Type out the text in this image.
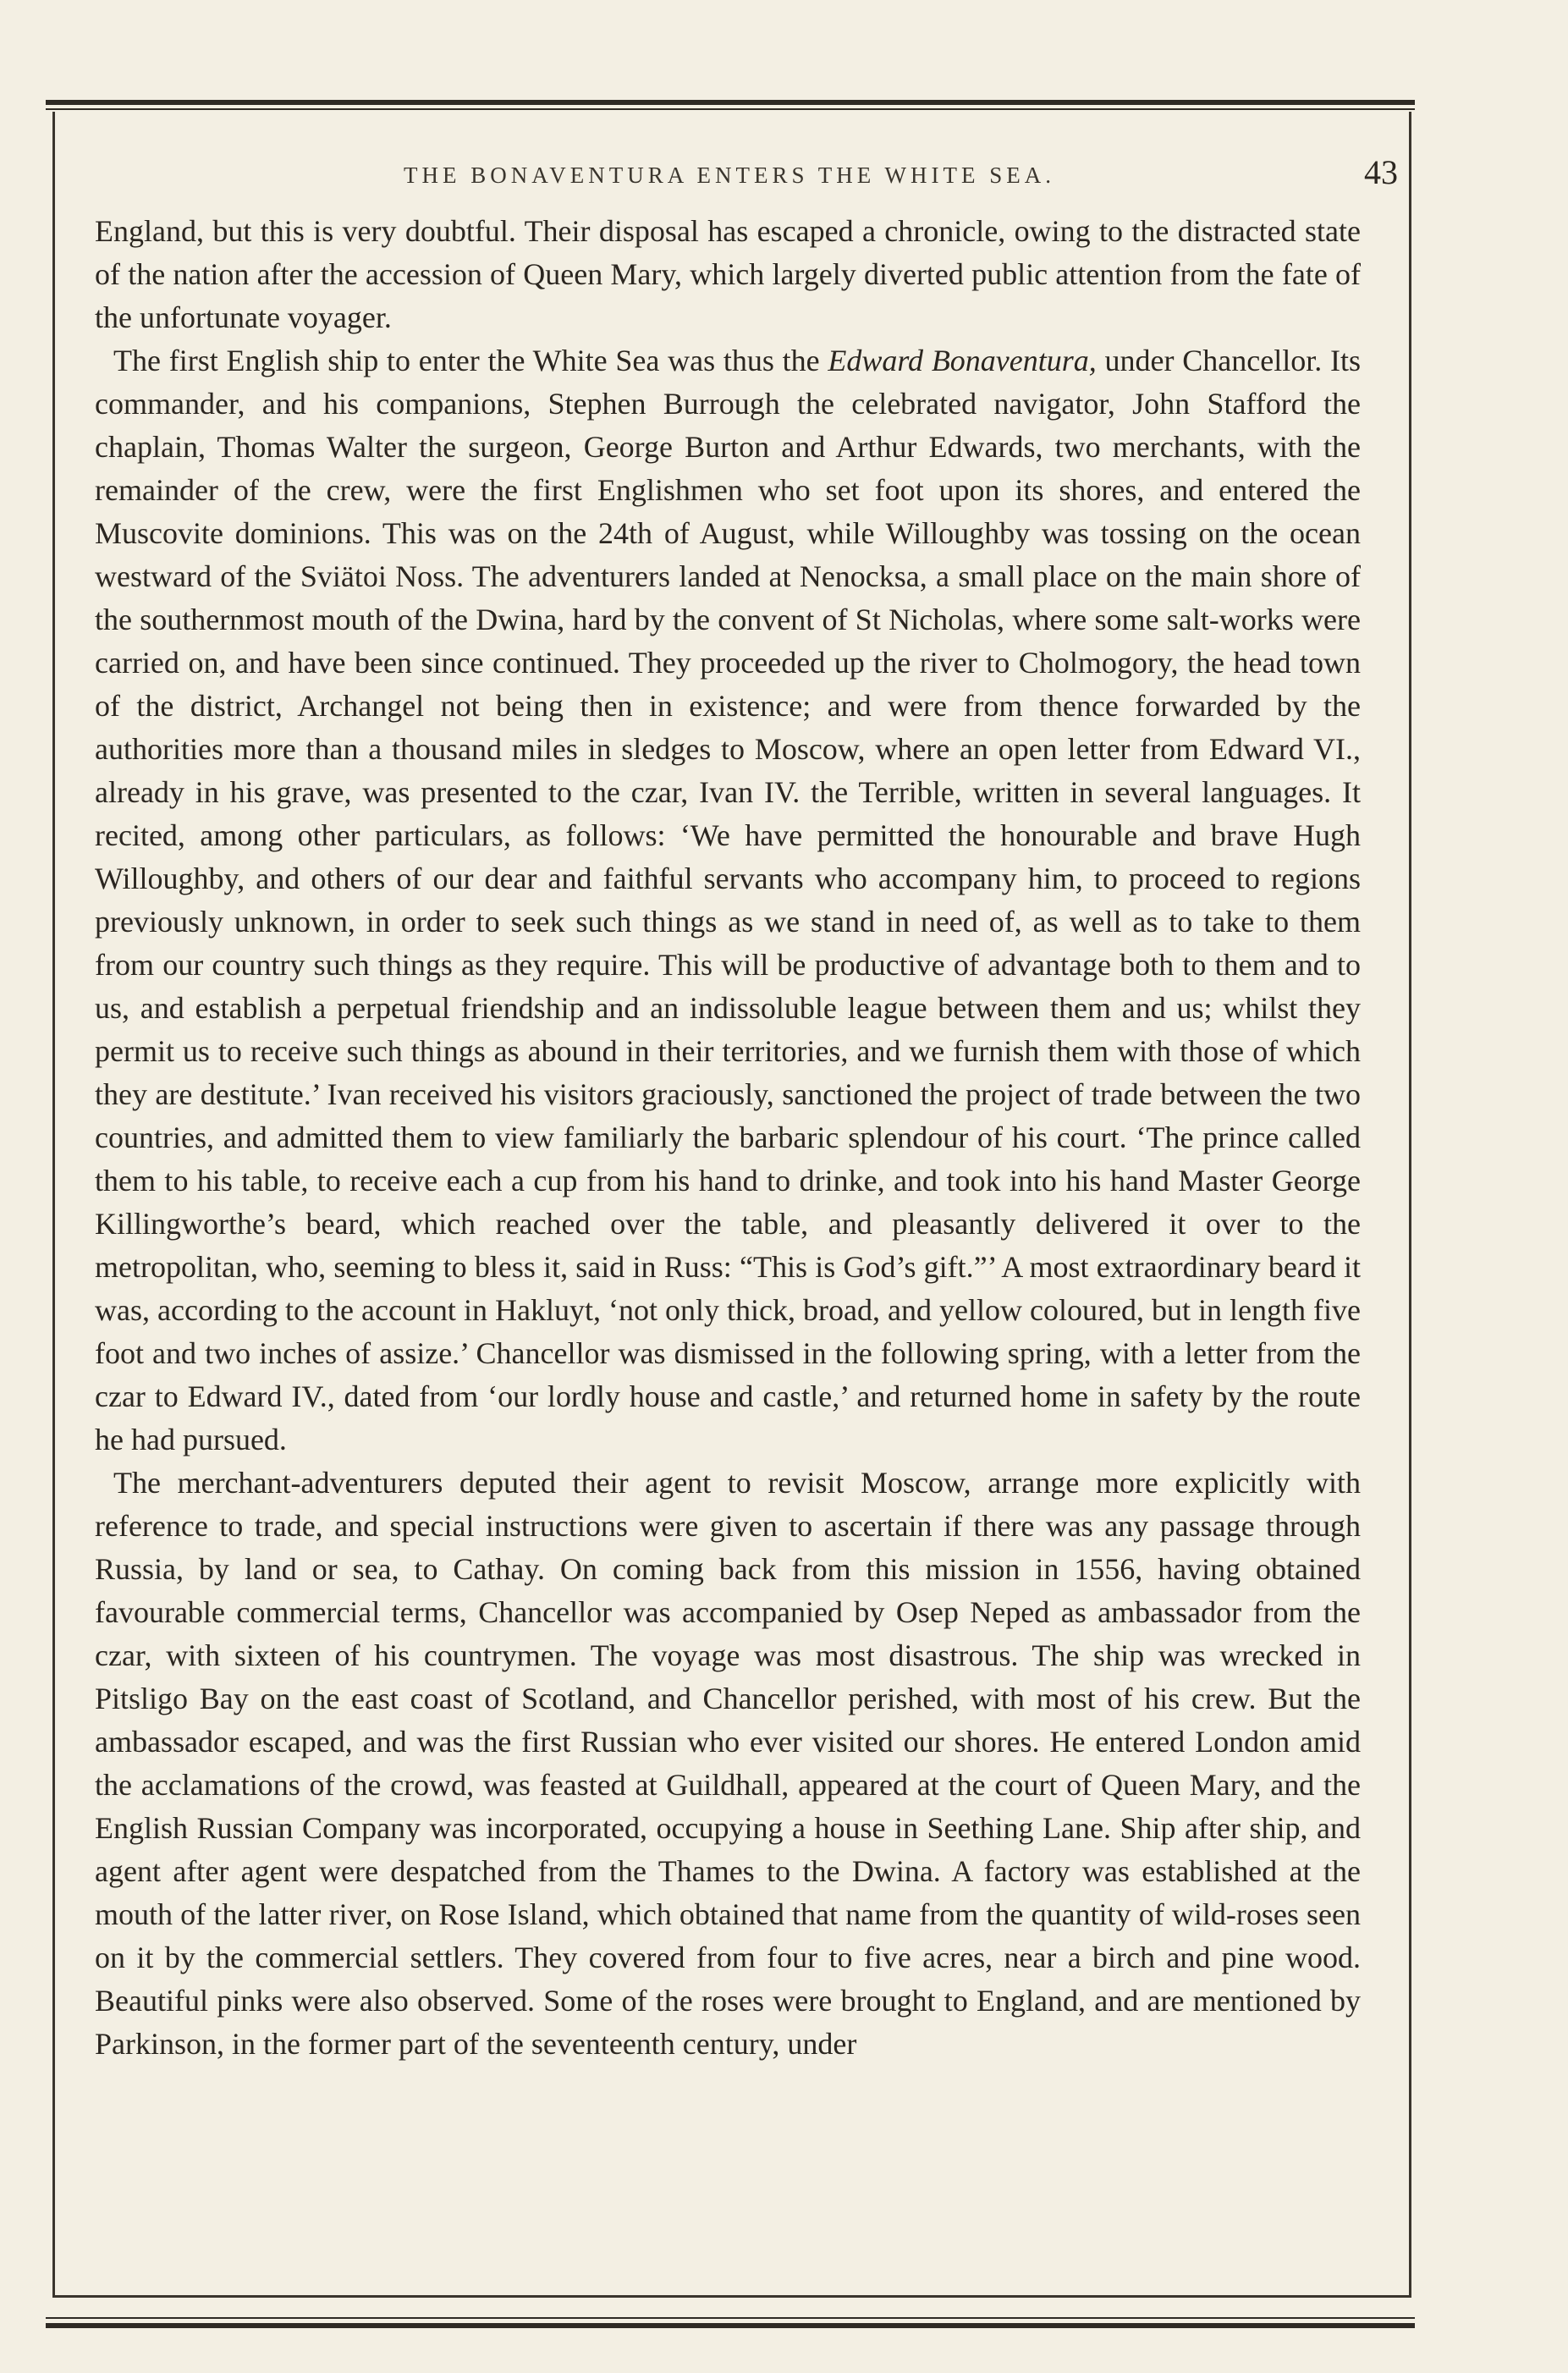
THE BONAVENTURA ENTERS THE WHITE SEA.	43

England, but this is very doubtful. Their disposal has escaped a chronicle, owing to the distracted state of the nation after the accession of Queen Mary, which largely diverted public attention from the fate of the unfortunate voyager.

The first English ship to enter the White Sea was thus the Edward Bonaventura, under Chancellor. Its commander, and his companions, Stephen Burrough the celebrated navigator, John Stafford the chaplain, Thomas Walter the surgeon, George Burton and Arthur Edwards, two merchants, with the remainder of the crew, were the first Englishmen who set foot upon its shores, and entered the Muscovite dominions. This was on the 24th of August, while Willoughby was tossing on the ocean westward of the Sviätoi Noss. The adventurers landed at Nenocksa, a small place on the main shore of the southernmost mouth of the Dwina, hard by the convent of St Nicholas, where some salt-works were carried on, and have been since continued. They proceeded up the river to Cholmogory, the head town of the district, Archangel not being then in existence; and were from thence forwarded by the authorities more than a thousand miles in sledges to Moscow, where an open letter from Edward VI., already in his grave, was presented to the czar, Ivan IV. the Terrible, written in several languages. It recited, among other particulars, as follows: ‘We have permitted the honourable and brave Hugh Willoughby, and others of our dear and faithful servants who accompany him, to proceed to regions previously unknown, in order to seek such things as we stand in need of, as well as to take to them from our country such things as they require. This will be productive of advantage both to them and to us, and establish a perpetual friendship and an indissoluble league between them and us; whilst they permit us to receive such things as abound in their territories, and we furnish them with those of which they are destitute.’ Ivan received his visitors graciously, sanctioned the project of trade between the two countries, and admitted them to view familiarly the barbaric splendour of his court. ‘The prince called them to his table, to receive each a cup from his hand to drinke, and took into his hand Master George Killingworthe’s beard, which reached over the table, and pleasantly delivered it over to the metropolitan, who, seeming to bless it, said in Russ: “This is God’s gift.”’ A most extraordinary beard it was, according to the account in Hakluyt, ‘not only thick, broad, and yellow coloured, but in length five foot and two inches of assize.’ Chancellor was dismissed in the following spring, with a letter from the czar to Edward IV., dated from ‘our lordly house and castle,’ and returned home in safety by the route he had pursued.

The merchant-adventurers deputed their agent to revisit Moscow, arrange more explicitly with reference to trade, and special instructions were given to ascertain if there was any passage through Russia, by land or sea, to Cathay. On coming back from this mission in 1556, having obtained favourable commercial terms, Chancellor was accompanied by Osep Neped as ambassador from the czar, with sixteen of his countrymen. The voyage was most disastrous. The ship was wrecked in Pitsligo Bay on the east coast of Scotland, and Chancellor perished, with most of his crew. But the ambassador escaped, and was the first Russian who ever visited our shores. He entered London amid the acclamations of the crowd, was feasted at Guildhall, appeared at the court of Queen Mary, and the English Russian Company was incorporated, occupying a house in Seething Lane. Ship after ship, and agent after agent were despatched from the Thames to the Dwina. A factory was established at the mouth of the latter river, on Rose Island, which obtained that name from the quantity of wild-roses seen on it by the commercial settlers. They covered from four to five acres, near a birch and pine wood. Beautiful pinks were also observed. Some of the roses were brought to England, and are mentioned by Parkinson, in the former part of the seventeenth century, under
